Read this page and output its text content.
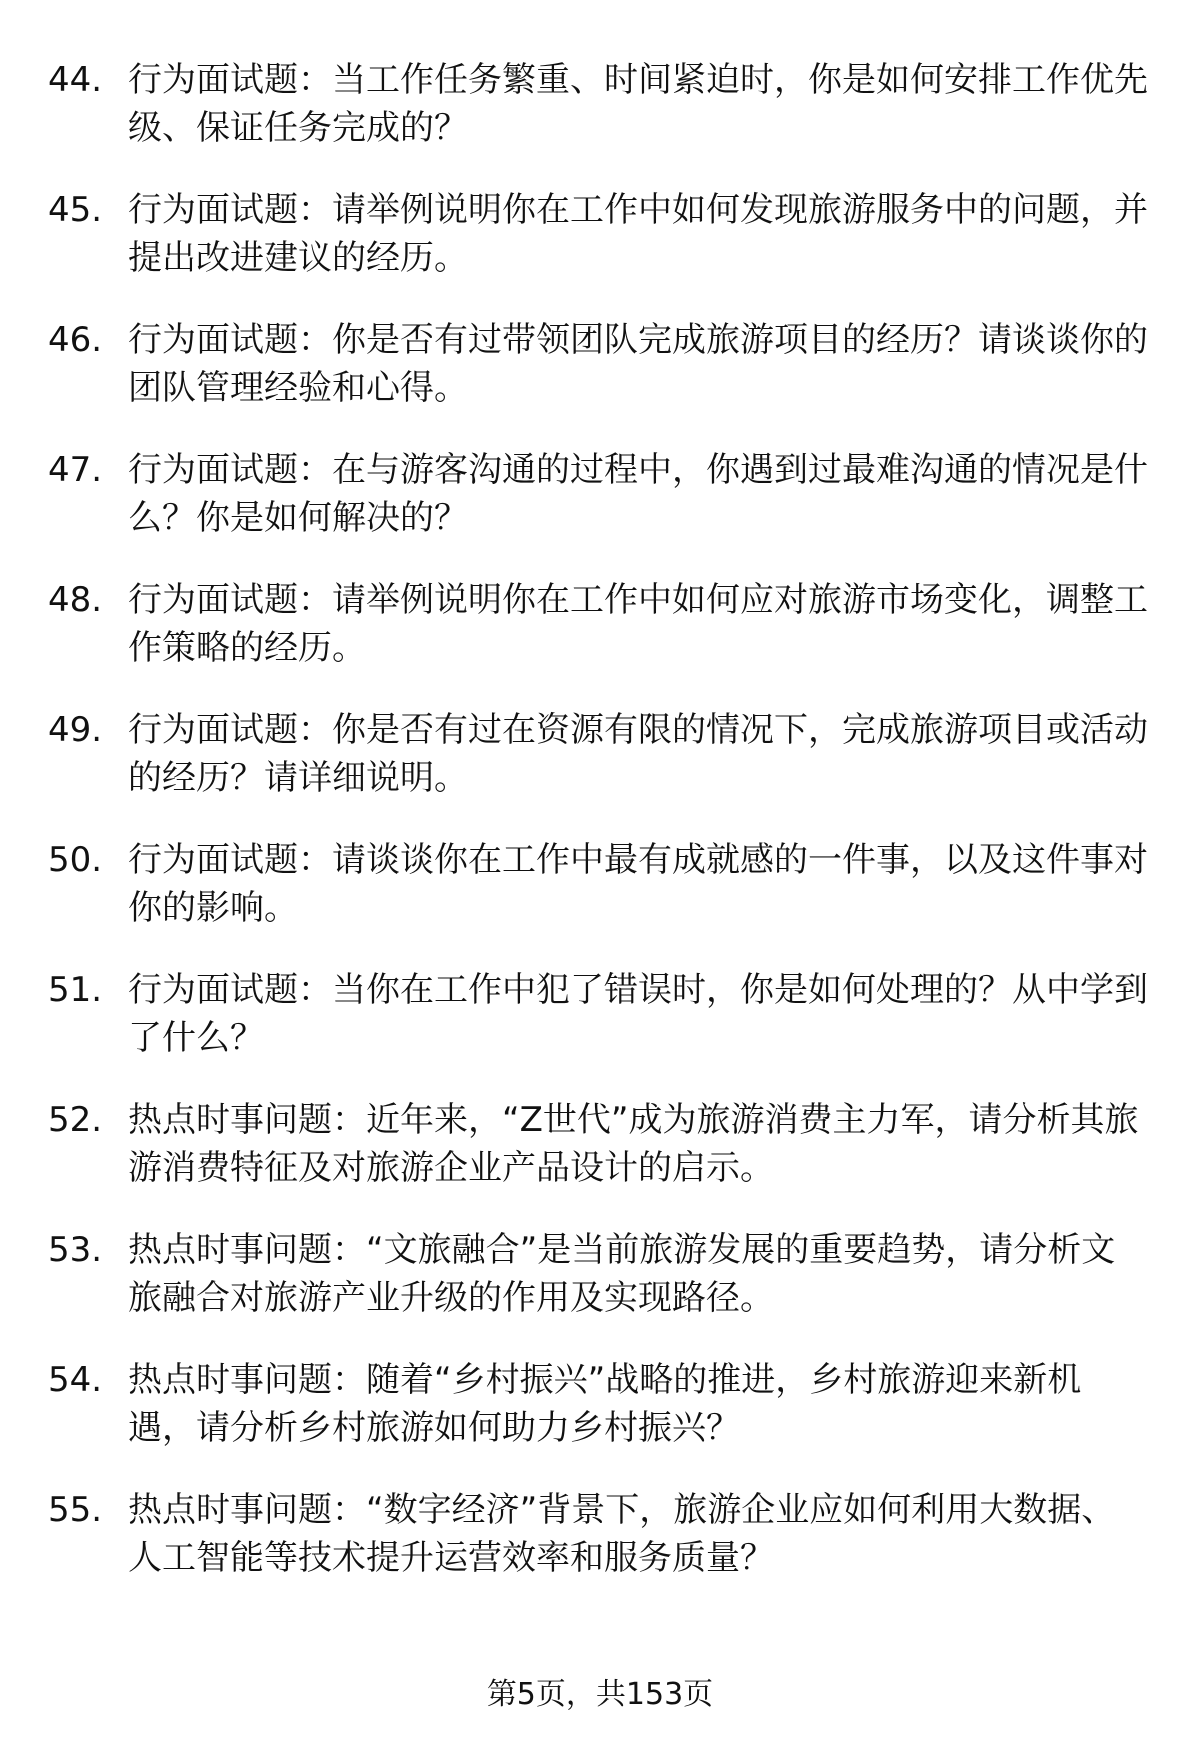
44. 行为面试题：当工作任务繁重、时间紧迫时，你是如何安排工作优先级、保证任务完成的？
45. 行为面试题：请举例说明你在工作中如何发现旅游服务中的问题，并提出改进建议的经历。
46. 行为面试题：你是否有过带领团队完成旅游项目的经历？请谈谈你的团队管理经验和心得。
47. 行为面试题：在与游客沟通的过程中，你遇到过最难沟通的情况是什么？你是如何解决的？
48. 行为面试题：请举例说明你在工作中如何应对旅游市场变化，调整工作策略的经历。
49. 行为面试题：你是否有过在资源有限的情况下，完成旅游项目或活动的经历？请详细说明。
50. 行为面试题：请谈谈你在工作中最有成就感的一件事，以及这件事对你的影响。
51. 行为面试题：当你在工作中犯了错误时，你是如何处理的？从中学到了什么？
52. 热点时事问题：近年来，“Z世代”成为旅游消费主力军，请分析其旅游消费特征及对旅游企业产品设计的启示。
53. 热点时事问题：“文旅融合”是当前旅游发展的重要趋势，请分析文旅融合对旅游产业升级的作用及实现路径。
54. 热点时事问题：随着“乡村振兴”战略的推进，乡村旅游迎来新机遇，请分析乡村旅游如何助力乡村振兴？
55. 热点时事问题：“数字经济”背景下，旅游企业应如何利用大数据、人工智能等技术提升运营效率和服务质量？
第5页，共153页
